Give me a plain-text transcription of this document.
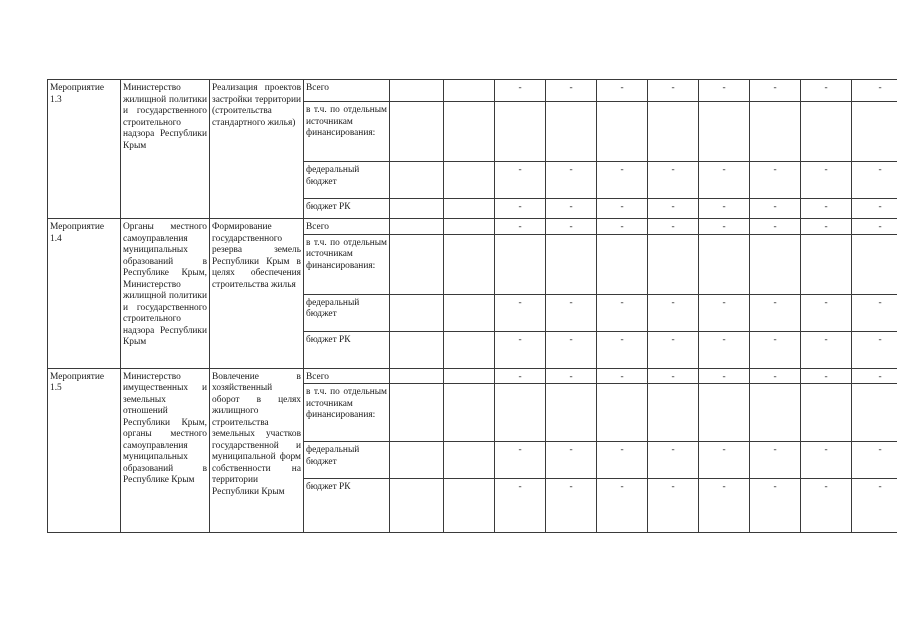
Мероприятие 1.3	Министерство жилищной политики и государственного строительного надзора Республики Крым	Реализация проектов застройки территории (строительства стандартного жилья)	Всего			-	-	-	-	-	-	-	-
			в т.ч. по отдельным источникам финансирования:										
			федеральный бюджет			-	-	-	-	-	-	-	-
			бюджет РК			-	-	-	-	-	-	-	-
Мероприятие 1.4	Органы местного самоуправления муниципальных образований в Республике Крым, Министерство жилищной политики и государственного строительного надзора Республики Крым	Формирование государственного резерва земель Республики Крым в целях обеспечения строительства жилья	Всего			-	-	-	-	-	-	-	-
			в т.ч. по отдельным источникам финансирования:										
			федеральный бюджет			-	-	-	-	-	-	-	-
			бюджет РК			-	-	-	-	-	-	-	-
Мероприятие 1.5	Министерство имущественных и земельных отношений Республики Крым, органы местного самоуправления муниципальных образований в Республике Крым	Вовлечение в хозяйственный оборот в целях жилищного строительства земельных участков государственной и муниципальной форм собственности на территории Республики Крым	Всего			-	-	-	-	-	-	-	-
			в т.ч. по отдельным источникам финансирования:										
			федеральный бюджет			-	-	-	-	-	-	-	-
			бюджет РК			-	-	-	-	-	-	-	-
